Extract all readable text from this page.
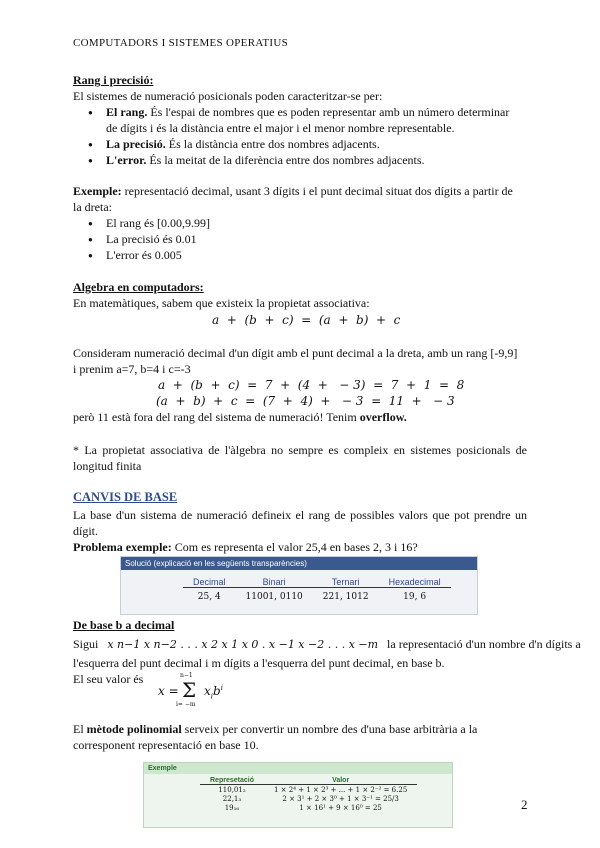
COMPUTADORS I SISTEMES OPERATIUS
Rang i precisió:
El sistemes de numeració posicionals poden caracteritzar-se per:
● El rang. És l'espai de nombres que es poden representar amb un número determinar
de dígits i és la distància entre el major i el menor nombre representable.
● La precisió. És la distància entre dos nombres adjacents.
● L'error. És la meitat de la diferència entre dos nombres adjacents.
Exemple: representació decimal, usant 3 dígits i el punt decimal situat dos dígits a partir de
la dreta:
● El rang és [0.00,9.99]
● La precisió és 0.01
● L'error és 0.005
Algebra en computadors:
En matemàtiques, sabem que existeix la propietat associativa:
a  +  (b  +  c)  =  (a  +  b)  +  c
Consideram numeració decimal d'un dígit amb el punt decimal a la dreta, amb un rang [-9,9]
i prenim a=7, b=4 i c=-3
a  +  (b  +  c)  =  7  +  (4  +   − 3)  =  7  +  1  =  8
(a  +  b)  +  c  =  (7  +  4)  +   − 3  =  11  +   − 3
però 11 està fora del rang del sistema de numeració! Tenim overflow.
* La propietat associativa de l'àlgebra no sempre es compleix en sistemes posicionals de longitud finita
CANVIS DE BASE
La base d'un sistema de numeració defineix el rang de possibles valors que pot prendre un dígit.
Problema exemple: Com es representa el valor 25,4 en bases 2, 3 i 16?
Solució (explicació en les següents transparències)
Decimal	Binari	Ternari	Hexadecimal
25, 4	11001, 0110	221, 1012	19, 6
De base b a decimal
Sigui x n−1 x n−2 . . . x 2 x 1 x 0 . x −1 x −2 . . . x −m la representació d'un nombre d'n dígits a
l'esquerra del punt decimal i m dígits a l'esquerra del punt decimal, en base b.
El seu valor és	n−1
x = Σ $x_ib^i$
i= −m
El mètode polinomial serveix per convertir un nombre des d'una base arbitrària a la
corresponent representació en base 10.
Exemple
Represetació	Valor
110,01₂	1 × 2⁴ + 1 × 2³ + ... + 1 × 2⁻² = 6.25
22,1₃	2 × 3¹ + 2 × 3⁰ + 1 × 3⁻¹ = 25/3
19₁₆	1 × 16¹ + 9 × 16⁰ = 25	2
